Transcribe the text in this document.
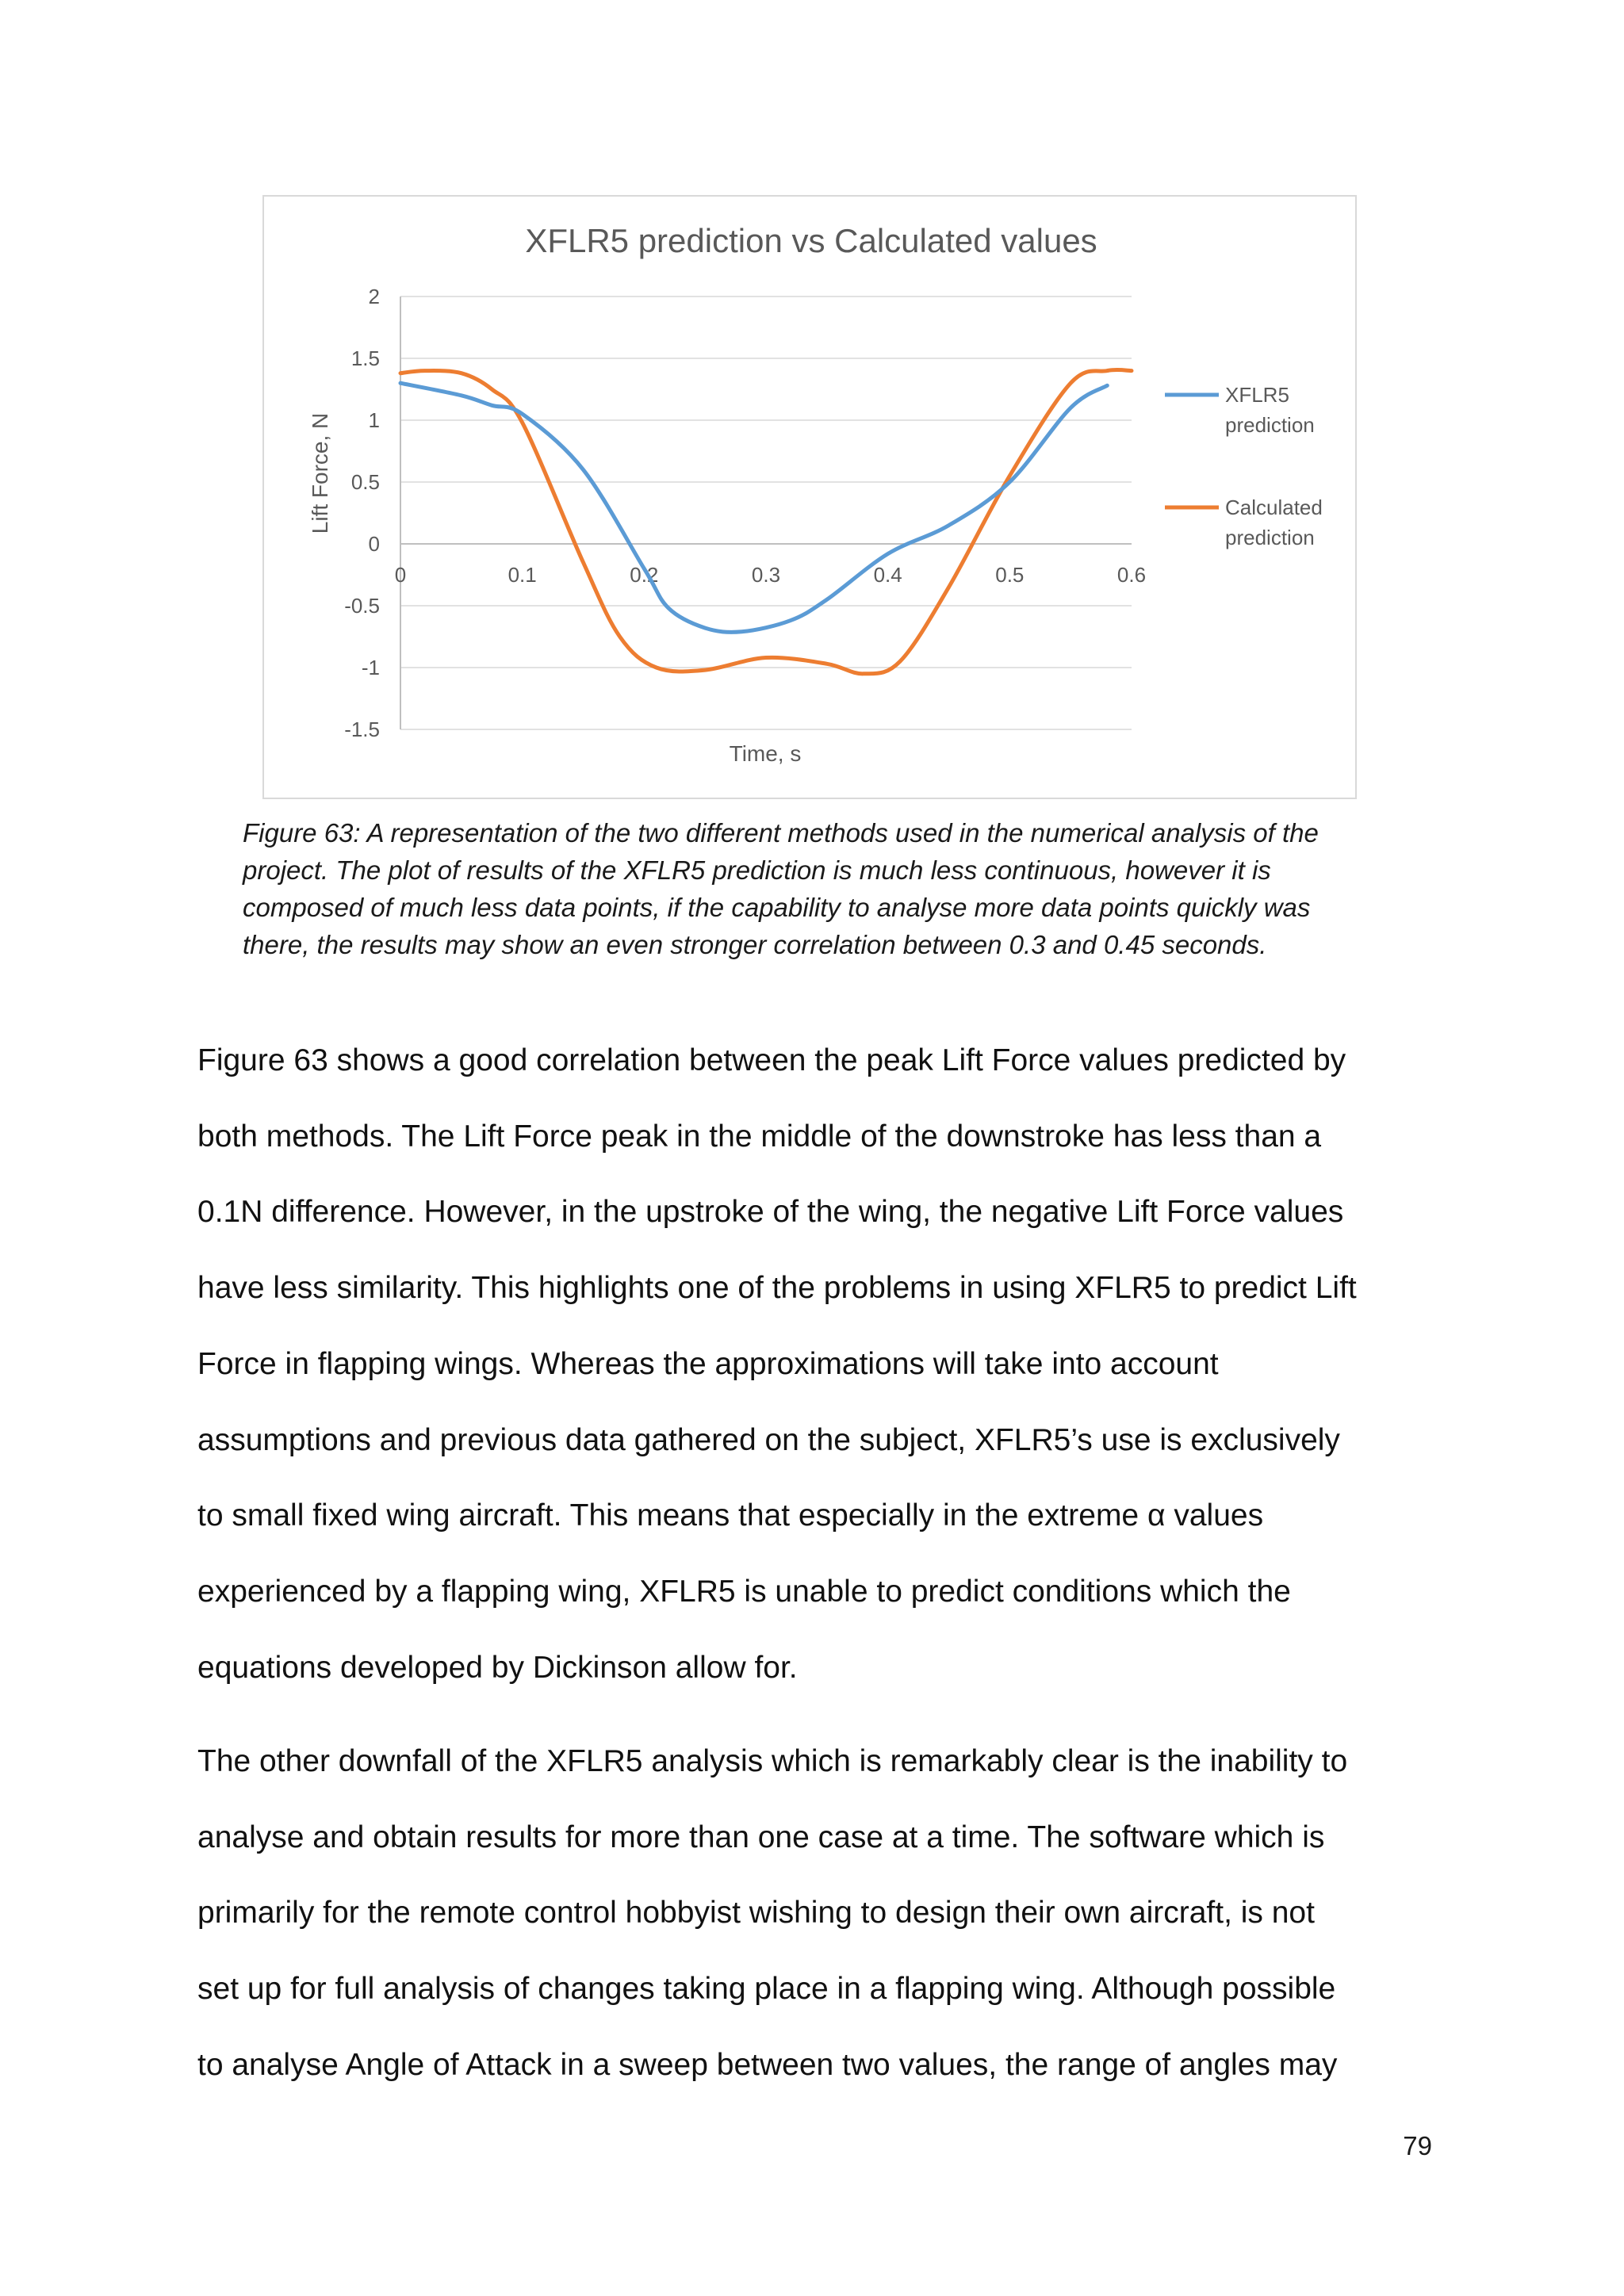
XFLR5 prediction vs Calculated values
2
1.5
1
0.5
0
-0.5
-1
-1.5
0	0.1	0.2	0.3	0.4	0.5	0.6
Time, s
Lift Force, N
XFLR5
prediction
Calculated
prediction

Figure 63: A representation of the two different methods used in the numerical analysis of the

project. The plot of results of the XFLR5 prediction is much less continuous, however it is

composed of much less data points, if the capability to analyse more data points quickly was

there, the results may show an even stronger correlation between 0.3 and 0.45 seconds.

Figure 63 shows a good correlation between the peak Lift Force values predicted by

both methods. The Lift Force peak in the middle of the downstroke has less than a

0.1N difference. However, in the upstroke of the wing, the negative Lift Force values

have less similarity. This highlights one of the problems in using XFLR5 to predict Lift

Force in flapping wings. Whereas the approximations will take into account

assumptions and previous data gathered on the subject, XFLR5’s use is exclusively

to small fixed wing aircraft. This means that especially in the extreme α values

experienced by a flapping wing, XFLR5 is unable to predict conditions which the

equations developed by Dickinson allow for.

The other downfall of the XFLR5 analysis which is remarkably clear is the inability to

analyse and obtain results for more than one case at a time. The software which is

primarily for the remote control hobbyist wishing to design their own aircraft, is not

set up for full analysis of changes taking place in a flapping wing. Although possible

to analyse Angle of Attack in a sweep between two values, the range of angles may

79
